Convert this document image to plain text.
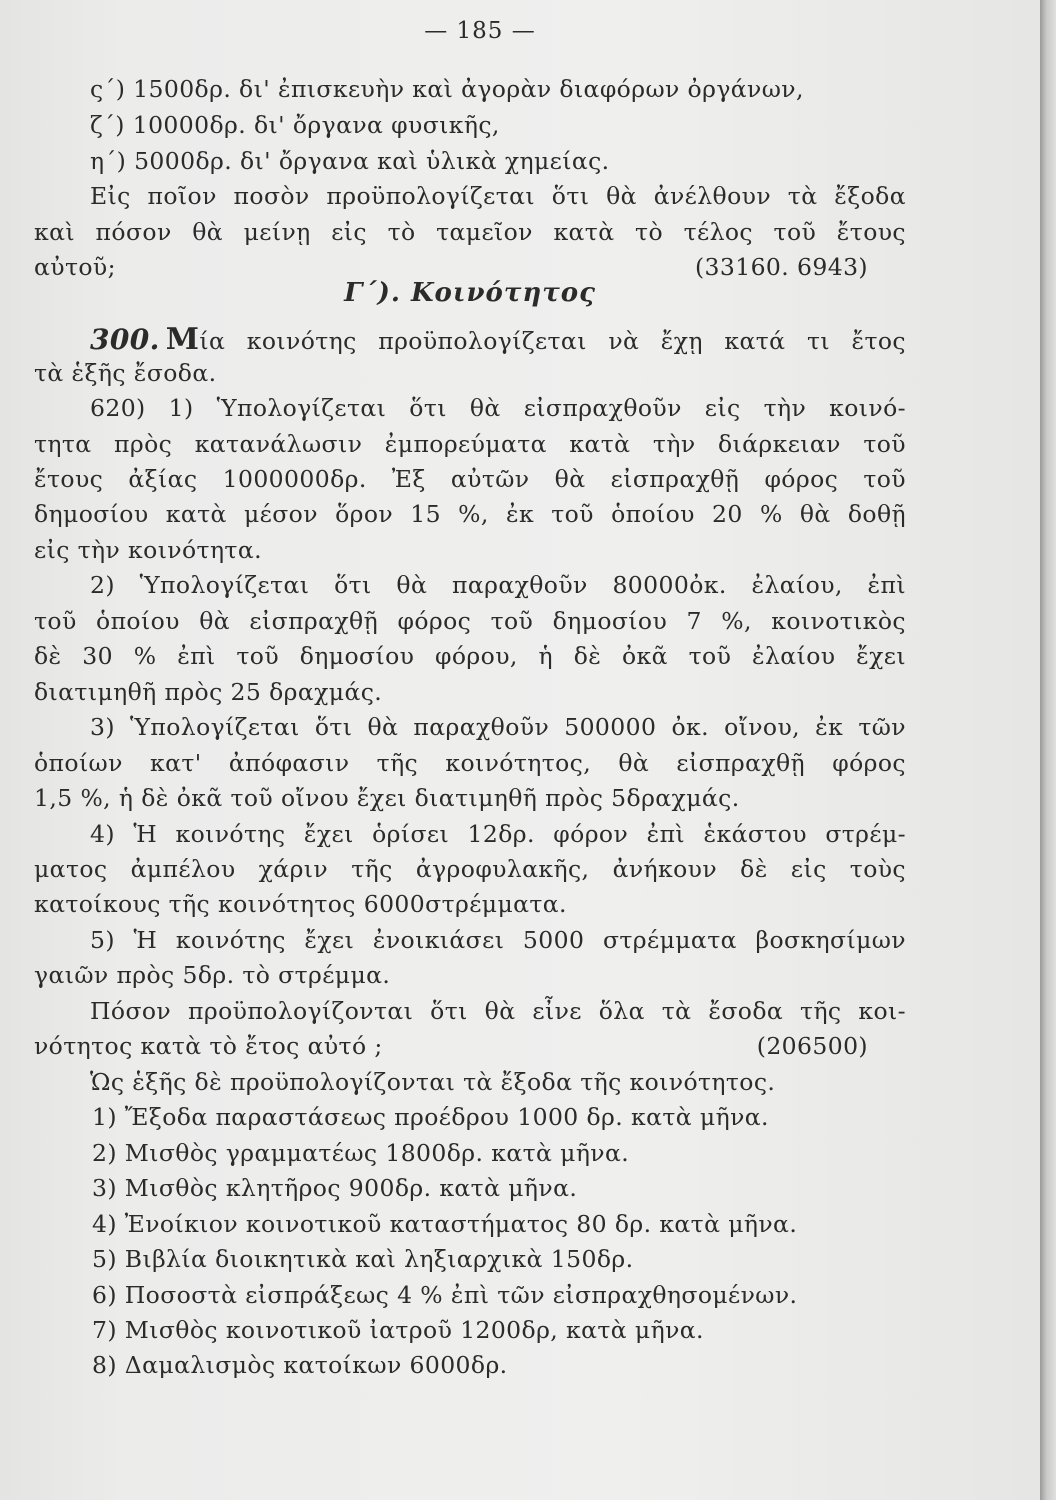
— 185 —
ς΄) 1500δρ. δι' ἐπισκευὴν καὶ ἀγορὰν διαφόρων ὀργάνων,
ζ΄) 10000δρ. δι' ὄργανα φυσικῆς,
η΄) 5000δρ. δι' ὄργανα καὶ ὑλικὰ χημείας.
Εἰς ποῖον ποσὸν προϋπολογίζεται ὅτι θὰ ἀνέλθουν τὰ ἔξοδα
καὶ πόσον θὰ μείνῃ εἰς τὸ ταμεῖον κατὰ τὸ τέλος τοῦ ἔτους
αὐτοῦ;	(33160. 6943)
Γ΄). Κοινότητος
300. Μία κοινότης προϋπολογίζεται νὰ ἔχῃ κατά τι ἔτος
τὰ ἑξῆς ἔσοδα.
620) 1) Ὑπολογίζεται ὅτι θὰ εἰσπραχθοῦν εἰς τὴν κοινό-
τητα πρὸς κατανάλωσιν ἐμπορεύματα κατὰ τὴν διάρκειαν τοῦ
ἔτους ἀξίας 1000000δρ. Ἐξ αὐτῶν θὰ εἰσπραχθῇ φόρος τοῦ
δημοσίου κατὰ μέσον ὅρον 15 %, ἐκ τοῦ ὁποίου 20 % θὰ δοθῇ
εἰς τὴν κοινότητα.
2) Ὑπολογίζεται ὅτι θὰ παραχθοῦν 80000ὀκ. ἐλαίου, ἐπὶ
τοῦ ὁποίου θὰ εἰσπραχθῇ φόρος τοῦ δημοσίου 7 %, κοινοτικὸς
δὲ 30 % ἐπὶ τοῦ δημοσίου φόρου, ἡ δὲ ὀκᾶ τοῦ ἐλαίου ἔχει
διατιμηθῆ πρὸς 25 δραχμάς.
3) Ὑπολογίζεται ὅτι θὰ παραχθοῦν 500000 ὀκ. οἴνου, ἐκ τῶν
ὁποίων κατ' ἀπόφασιν τῆς κοινότητος, θὰ εἰσπραχθῇ φόρος
1,5 %, ἡ δὲ ὀκᾶ τοῦ οἴνου ἔχει διατιμηθῆ πρὸς 5δραχμάς.
4) Ἡ κοινότης ἔχει ὁρίσει 12δρ. φόρον ἐπὶ ἑκάστου στρέμ-
ματος ἀμπέλου χάριν τῆς ἀγροφυλακῆς, ἀνήκουν δὲ εἰς τοὺς
κατοίκους τῆς κοινότητος 6000στρέμματα.
5) Ἡ κοινότης ἔχει ἐνοικιάσει 5000 στρέμματα βοσκησίμων
γαιῶν πρὸς 5δρ. τὸ στρέμμα.
Πόσον προϋπολογίζονται ὅτι θὰ εἶνε ὅλα τὰ ἔσοδα τῆς κοι-
νότητος κατὰ τὸ ἔτος αὐτό ;	(206500)
Ὡς ἑξῆς δὲ προϋπολογίζονται τὰ ἔξοδα τῆς κοινότητος.
1) Ἔξοδα παραστάσεως προέδρου 1000 δρ. κατὰ μῆνα.
2) Μισθὸς γραμματέως 1800δρ. κατὰ μῆνα.
3) Μισθὸς κλητῆρος 900δρ. κατὰ μῆνα.
4) Ἐνοίκιον κοινοτικοῦ καταστήματος 80 δρ. κατὰ μῆνα.
5) Βιβλία διοικητικὰ καὶ ληξιαρχικὰ 150δρ.
6) Ποσοστὰ εἰσπράξεως 4 % ἐπὶ τῶν εἰσπραχθησομένων.
7) Μισθὸς κοινοτικοῦ ἰατροῦ 1200δρ, κατὰ μῆνα.
8) Δαμαλισμὸς κατοίκων 6000δρ.
